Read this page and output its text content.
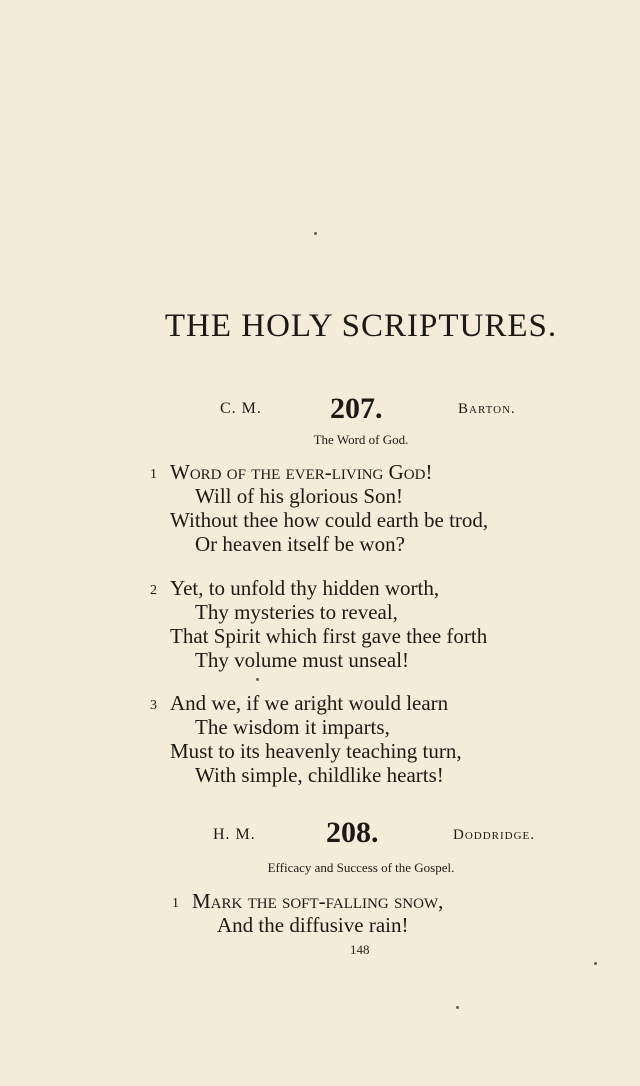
THE HOLY SCRIPTURES.
C. M. 207.	Barton.
The Word of God.
1 Word of the ever-living God!
Will of his glorious Son!
Without thee how could earth be trod,
Or heaven itself be won?
2 Yet, to unfold thy hidden worth,
Thy mysteries to reveal,
That Spirit which first gave thee forth
Thy volume must unseal!
3 And we, if we aright would learn
The wisdom it imparts,
Must to its heavenly teaching turn,
With simple, childlike hearts!
H. M. 208.	Doddridge.
Efficacy and Success of the Gospel.
1 Mark the soft-falling snow,
And the diffusive rain!
148
